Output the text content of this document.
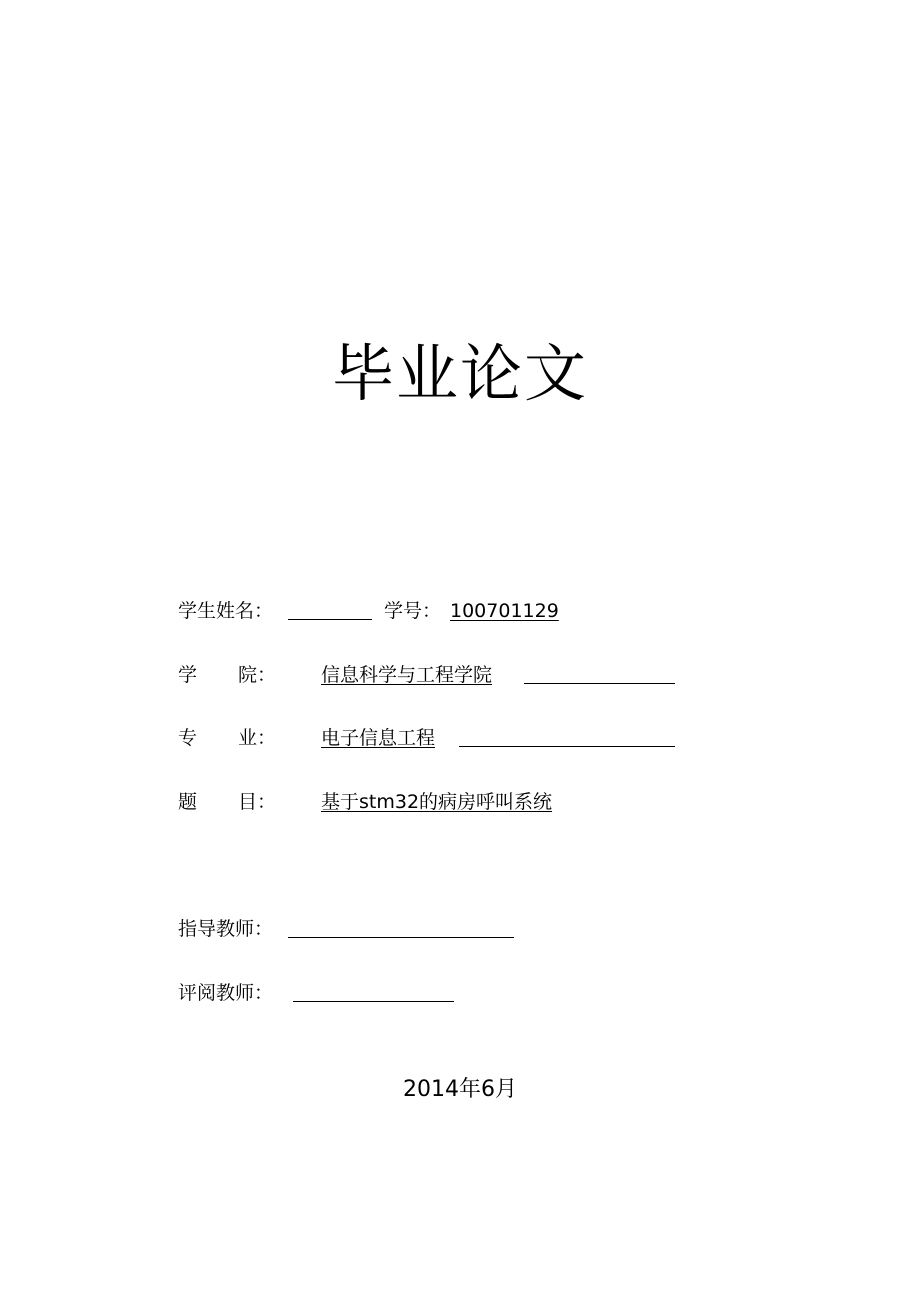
毕业论文
学生姓名：	学号： 100701129
学 院： 信息科学与工程学院
专 业： 电子信息工程
题 目： 基于stm32的病房呼叫系统
指导教师：
评阅教师：
2014年6月
